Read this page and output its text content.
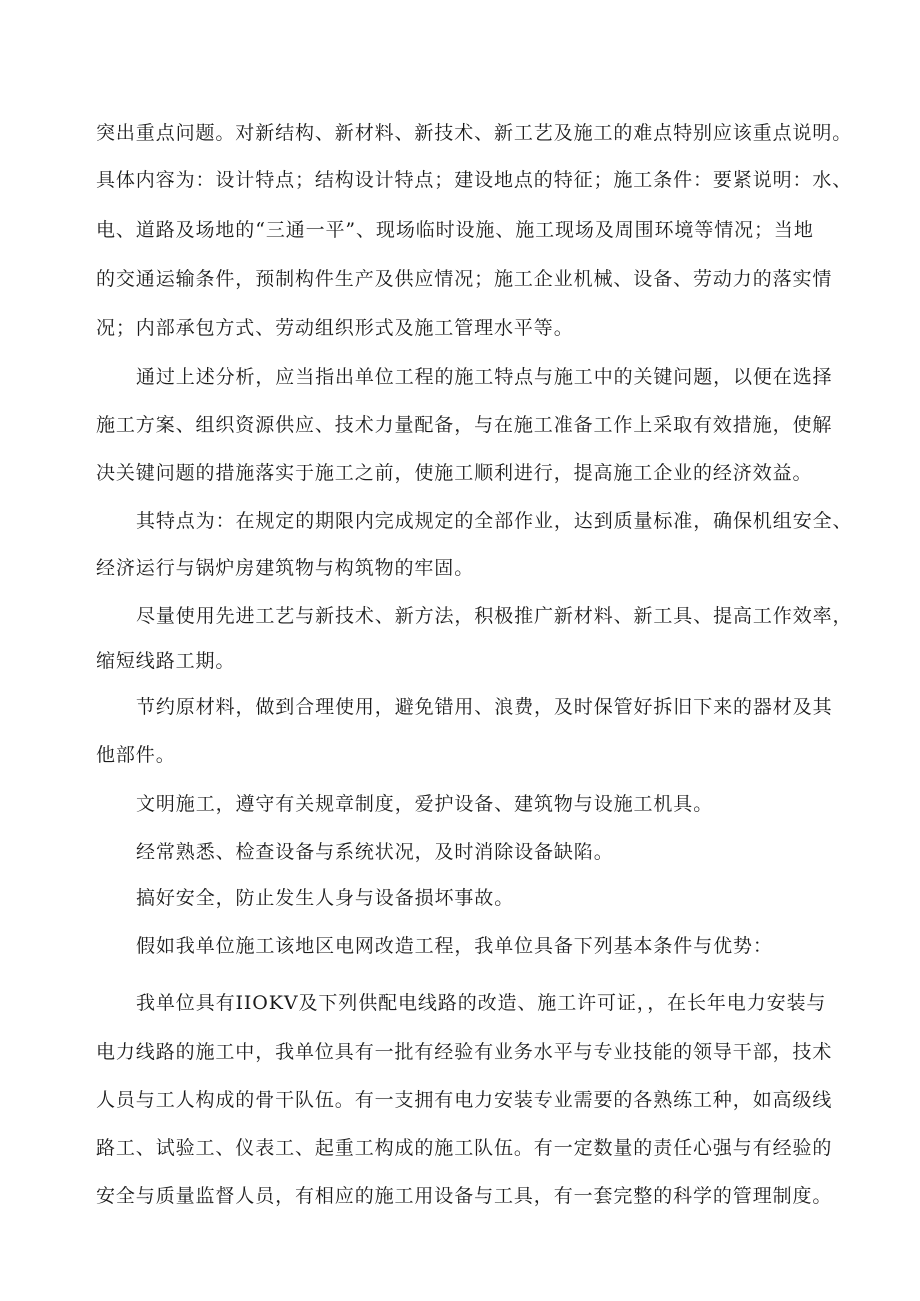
突出重点问题。对新结构、新材料、新技术、新工艺及施工的难点特别应该重点说明。
具体内容为：设计特点；结构设计特点；建设地点的特征；施工条件：要紧说明：水、
电、道路及场地的“三通一平”、现场临时设施、施工现场及周围环境等情况；当地
的交通运输条件，预制构件生产及供应情况；施工企业机械、设备、劳动力的落实情
况；内部承包方式、劳动组织形式及施工管理水平等。
通过上述分析，应当指出单位工程的施工特点与施工中的关键问题，以便在选择
施工方案、组织资源供应、技术力量配备，与在施工准备工作上采取有效措施，使解
决关键问题的措施落实于施工之前，使施工顺利进行，提高施工企业的经济效益。
其特点为：在规定的期限内完成规定的全部作业，达到质量标准，确保机组安全、
经济运行与锅炉房建筑物与构筑物的牢固。
尽量使用先进工艺与新技术、新方法，积极推广新材料、新工具、提高工作效率，
缩短线路工期。
节约原材料，做到合理使用，避免错用、浪费，及时保管好拆旧下来的器材及其
他部件。
文明施工，遵守有关规章制度，爱护设备、建筑物与设施工机具。
经常熟悉、检查设备与系统状况，及时消除设备缺陷。
搞好安全，防止发生人身与设备损坏事故。
假如我单位施工该地区电网改造工程，我单位具备下列基本条件与优势：
我单位具有IIOKV及下列供配电线路的改造、施工许可证，，在长年电力安装与
电力线路的施工中，我单位具有一批有经验有业务水平与专业技能的领导干部，技术
人员与工人构成的骨干队伍。有一支拥有电力安装专业需要的各熟练工种，如高级线
路工、试验工、仪表工、起重工构成的施工队伍。有一定数量的责任心强与有经验的
安全与质量监督人员，有相应的施工用设备与工具，有一套完整的科学的管理制度。
